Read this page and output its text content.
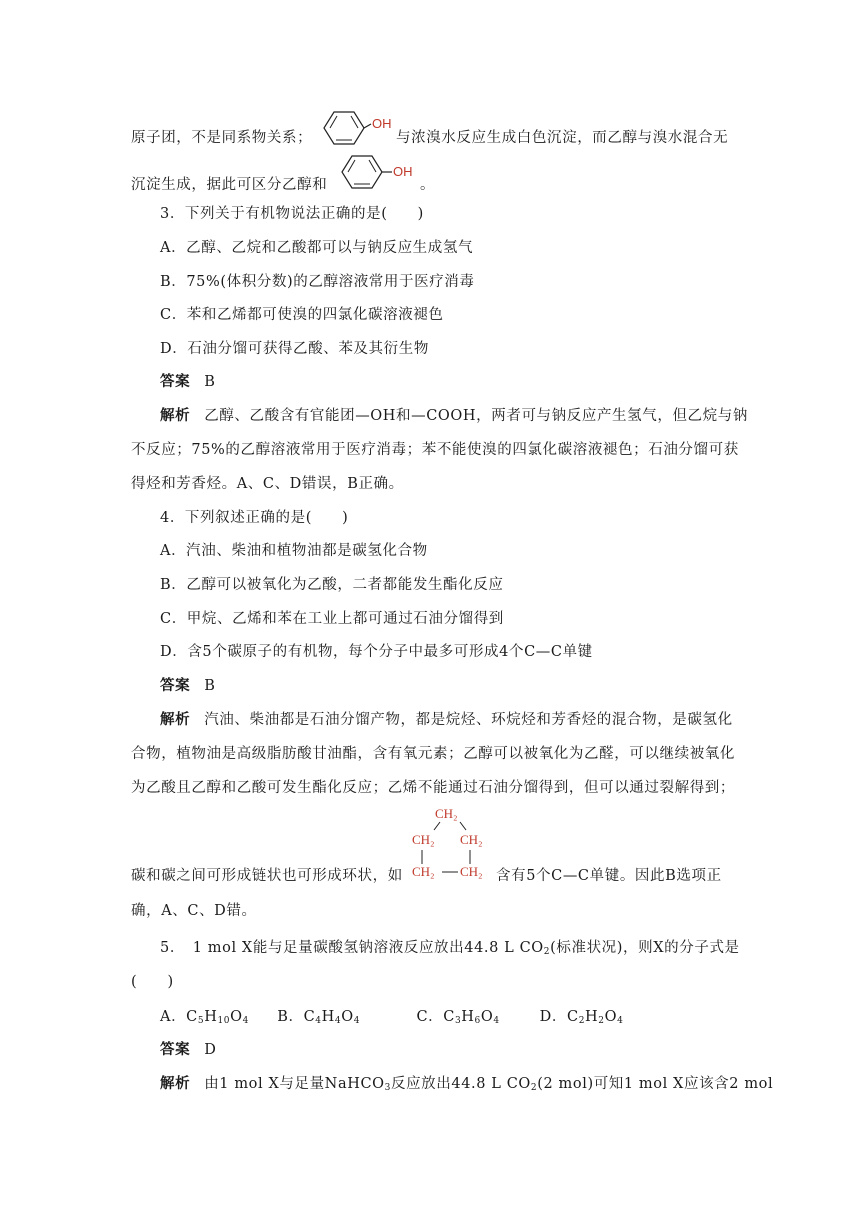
原子团，不是同系物关系；
OH
与浓溴水反应生成白色沉淀，而乙醇与溴水混合无
沉淀生成，据此可区分乙醇和
OH
。
3．下列关于有机物说法正确的是(　　)
A．乙醇、乙烷和乙酸都可以与钠反应生成氢气
B．75%(体积分数)的乙醇溶液常用于医疗消毒
C．苯和乙烯都可使溴的四氯化碳溶液褪色
D．石油分馏可获得乙酸、苯及其衍生物
答案 B
解析 乙醇、乙酸含有官能团—OH和—COOH，两者可与钠反应产生氢气，但乙烷与钠
不反应；75%的乙醇溶液常用于医疗消毒；苯不能使溴的四氯化碳溶液褪色；石油分馏可获
得烃和芳香烃。A、C、D错误，B正确。
4．下列叙述正确的是(　　)
A．汽油、柴油和植物油都是碳氢化合物
B．乙醇可以被氧化为乙酸，二者都能发生酯化反应
C．甲烷、乙烯和苯在工业上都可通过石油分馏得到
D．含5个碳原子的有机物，每个分子中最多可形成4个C—C单键
答案 B
解析 汽油、柴油都是石油分馏产物，都是烷烃、环烷烃和芳香烃的混合物，是碳氢化
合物，植物油是高级脂肪酸甘油酯，含有氧元素；乙醇可以被氧化为乙醛，可以继续被氧化
为乙酸且乙醇和乙酸可发生酯化反应；乙烯不能通过石油分馏得到，但可以通过裂解得到；
CH₂
CH₂ CH₂
CH₂ CH₂
碳和碳之间可形成链状也可形成环状，如	含有5个C—C单键。因此B选项正
确，A、C、D错。
5．　1 mol X能与足量碳酸氢钠溶液反应放出44.8 L $CO_2$(标准状况)，则X的分子式是
(　　)
A．$C_5H_{10}O_4$ B．$C_4H_4O_4$	C．$C_3H_6O_4$	D．$C_2H_2O_4$
答案 D
解析 由1 mol X与足量NaHCO$_3$反应放出44.8 L $CO_2(2$ mol)可知1 mol X应该含2 mol
